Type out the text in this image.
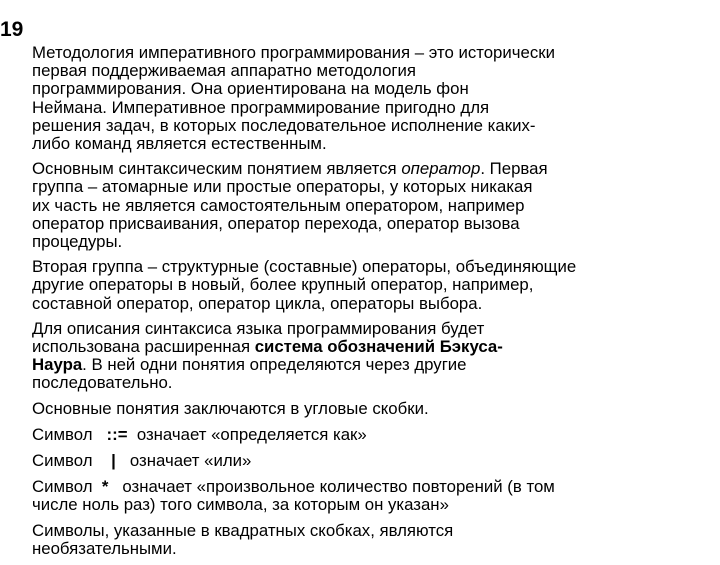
19
Методология императивного программирования – это исторически
первая поддерживаемая аппаратно методология
программирования. Она ориентирована на модель фон
Неймана. Императивное программирование пригодно для
решения задач, в которых последовательное исполнение каких-
либо команд является естественным.
Основным синтаксическим понятием является оператор. Первая
группа – атомарные или простые операторы, у которых никакая
их часть не является самостоятельным оператором, например
оператор присваивания, оператор перехода, оператор вызова
процедуры.
Вторая группа – структурные (составные) операторы, объединяющие
другие операторы в новый, более крупный оператор, например,
составной оператор, оператор цикла, операторы выбора.
Для описания синтаксиса языка программирования будет
использована расширенная система обозначений Бэкуса-
Наура. В ней одни понятия определяются через другие
последовательно.
Основные понятия заключаются в угловые скобки.
Символ ::= означает «определяется как»
Символ | означает «или»
Символ * означает «произвольное количество повторений (в том
числе ноль раз) того символа, за которым он указан»
Символы, указанные в квадратных скобках, являются
необязательными.
